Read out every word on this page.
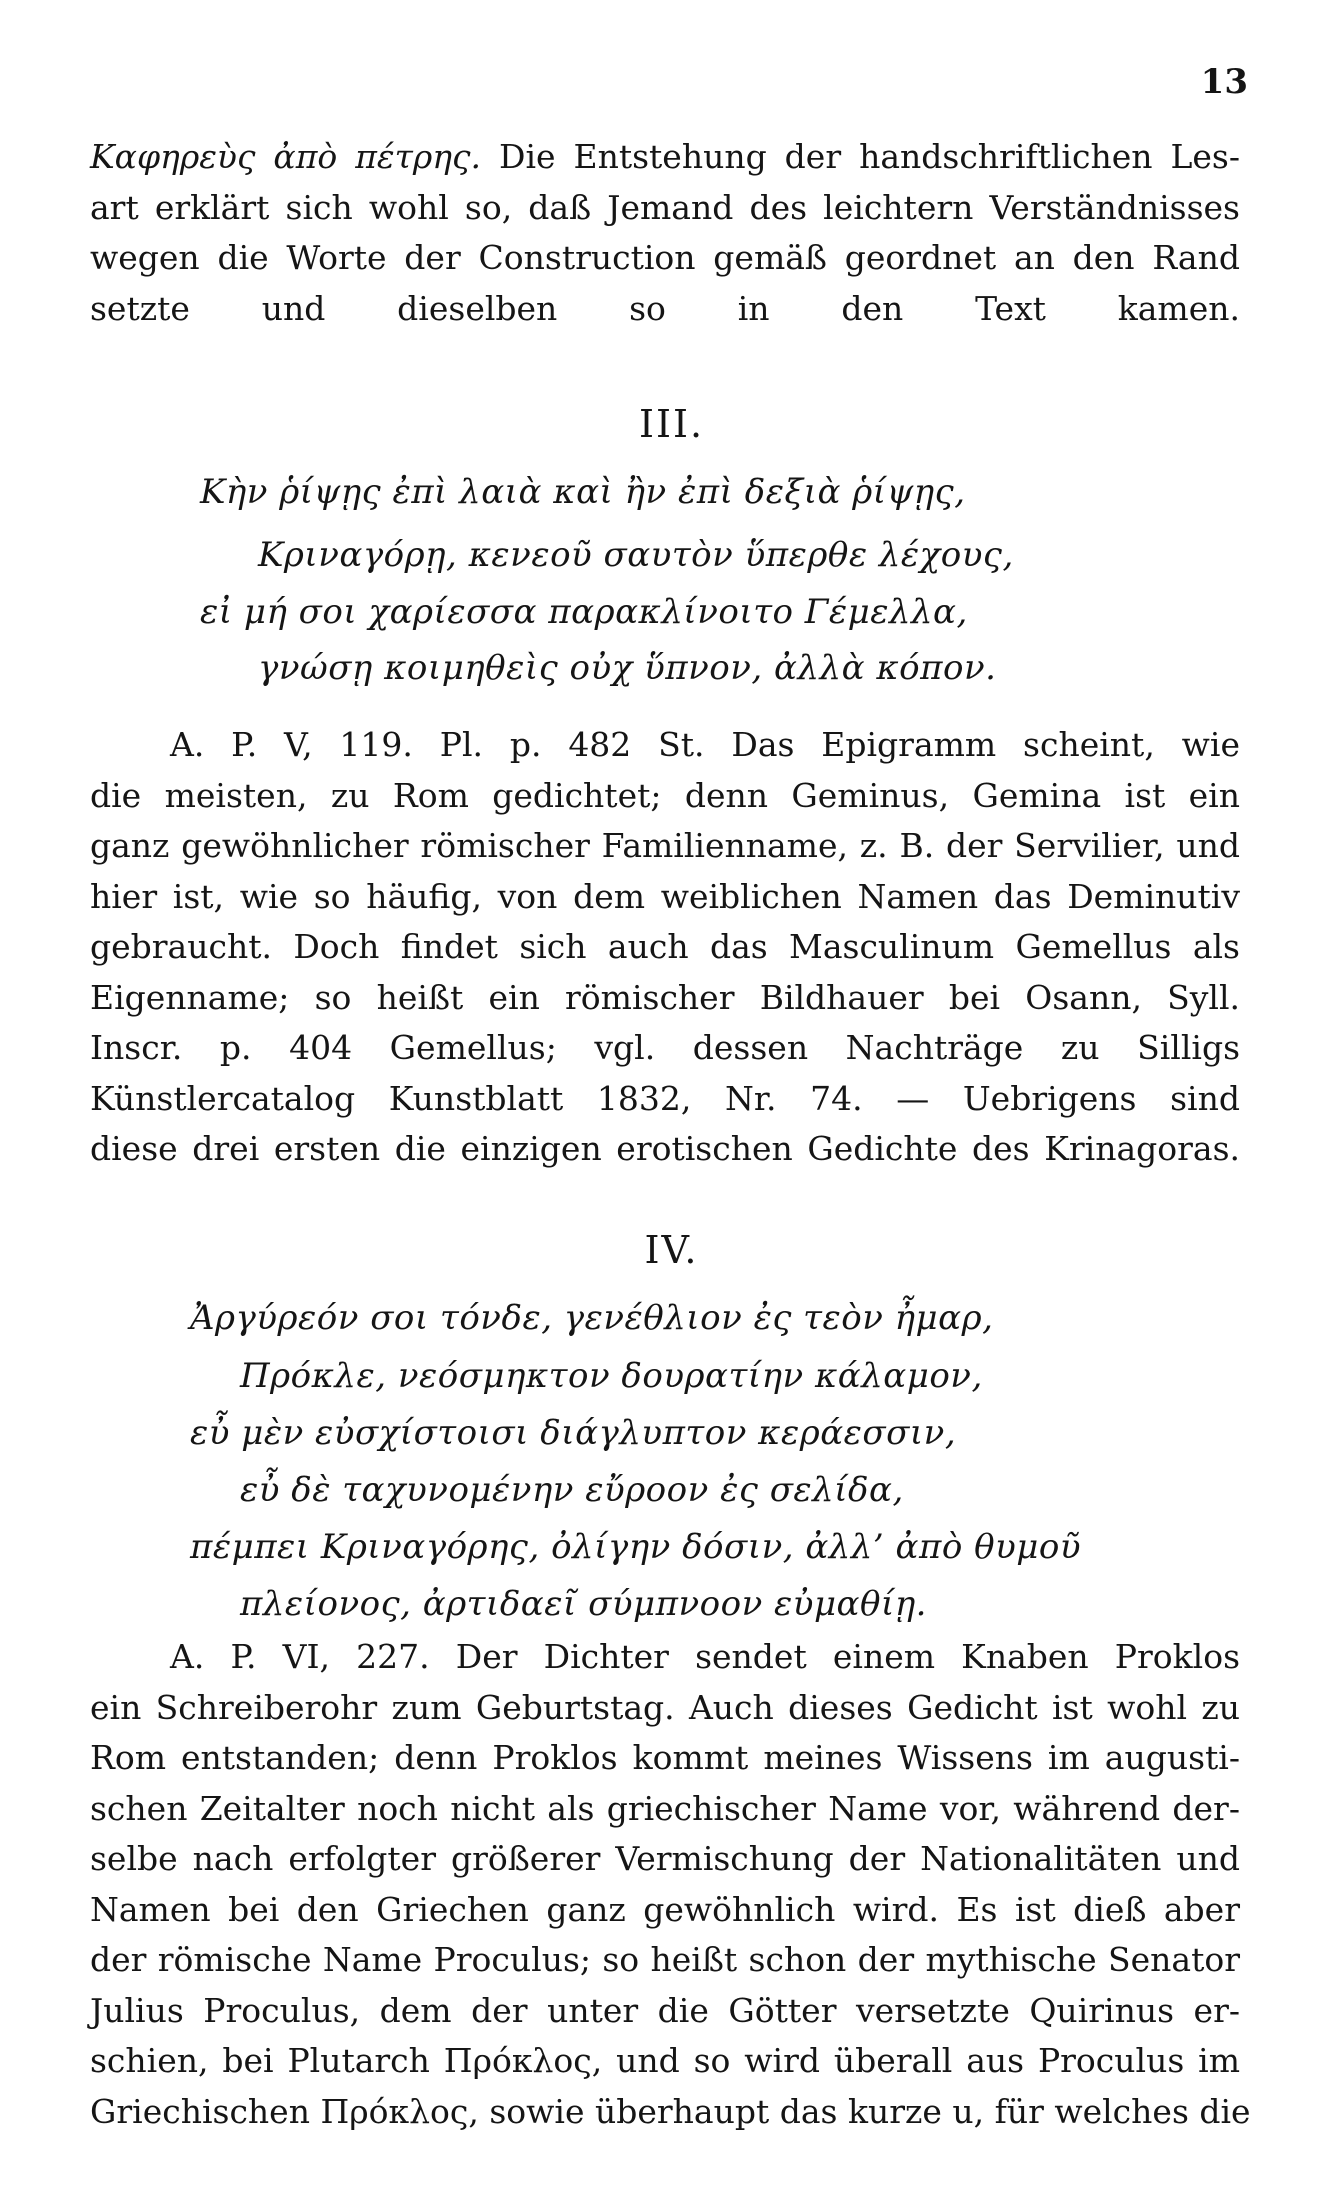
13
Καφηρεὺς ἀπὸ πέτρης. Die Entstehung der handschriftlichen Les-
art erklärt sich wohl so, daß Jemand des leichtern Verständnisses
wegen die Worte der Construction gemäß geordnet an den Rand
setzte und dieselben so in den Text kamen.
III.
Κὴν ῥίψῃς ἐπὶ λαιὰ καὶ ἢν ἐπὶ δεξιὰ ῥίψῃς,
Κριναγόρῃ, κενεοῦ σαυτὸν ὕπερθε λέχους,
εἰ μή σοι χαρίεσσα παρακλίνοιτο Γέμελλα,
γνώσῃ κοιμηθεὶς οὐχ ὕπνον, ἀλλὰ κόπον.
A. P. V, 119. Pl. p. 482 St. Das Epigramm scheint, wie
die meisten, zu Rom gedichtet; denn Geminus, Gemina ist ein
ganz gewöhnlicher römischer Familienname, z. B. der Servilier, und
hier ist, wie so häufig, von dem weiblichen Namen das Deminutiv
gebraucht. Doch findet sich auch das Masculinum Gemellus als
Eigenname; so heißt ein römischer Bildhauer bei Osann, Syll.
Inscr. p. 404 Gemellus; vgl. dessen Nachträge zu Silligs
Künstlercatalog Kunstblatt 1832, Nr. 74. — Uebrigens sind
diese drei ersten die einzigen erotischen Gedichte des Krinagoras.
IV.
Ἀργύρεόν σοι τόνδε, γενέθλιον ἐς τεὸν ἦμαρ,
Πρόκλε, νεόσμηκτον δουρατίην κάλαμον,
εὖ μὲν εὐσχίστοισι διάγλυπτον κεράεσσιν,
εὖ δὲ ταχυνομένην εὔροον ἐς σελίδα,
πέμπει Κριναγόρης, ὀλίγην δόσιν, ἀλλ’ ἀπὸ θυμοῦ
πλείονος, ἀρτιδαεῖ σύμπνοον εὐμαθίῃ.
A. P. VI, 227. Der Dichter sendet einem Knaben Proklos
ein Schreiberohr zum Geburtstag. Auch dieses Gedicht ist wohl zu
Rom entstanden; denn Proklos kommt meines Wissens im augusti-
schen Zeitalter noch nicht als griechischer Name vor, während der-
selbe nach erfolgter größerer Vermischung der Nationalitäten und
Namen bei den Griechen ganz gewöhnlich wird. Es ist dieß aber
der römische Name Proculus; so heißt schon der mythische Senator
Julius Proculus, dem der unter die Götter versetzte Quirinus er-
schien, bei Plutarch Πρόκλος, und so wird überall aus Proculus im
Griechischen Πρόκλος, sowie überhaupt das kurze u, für welches die
